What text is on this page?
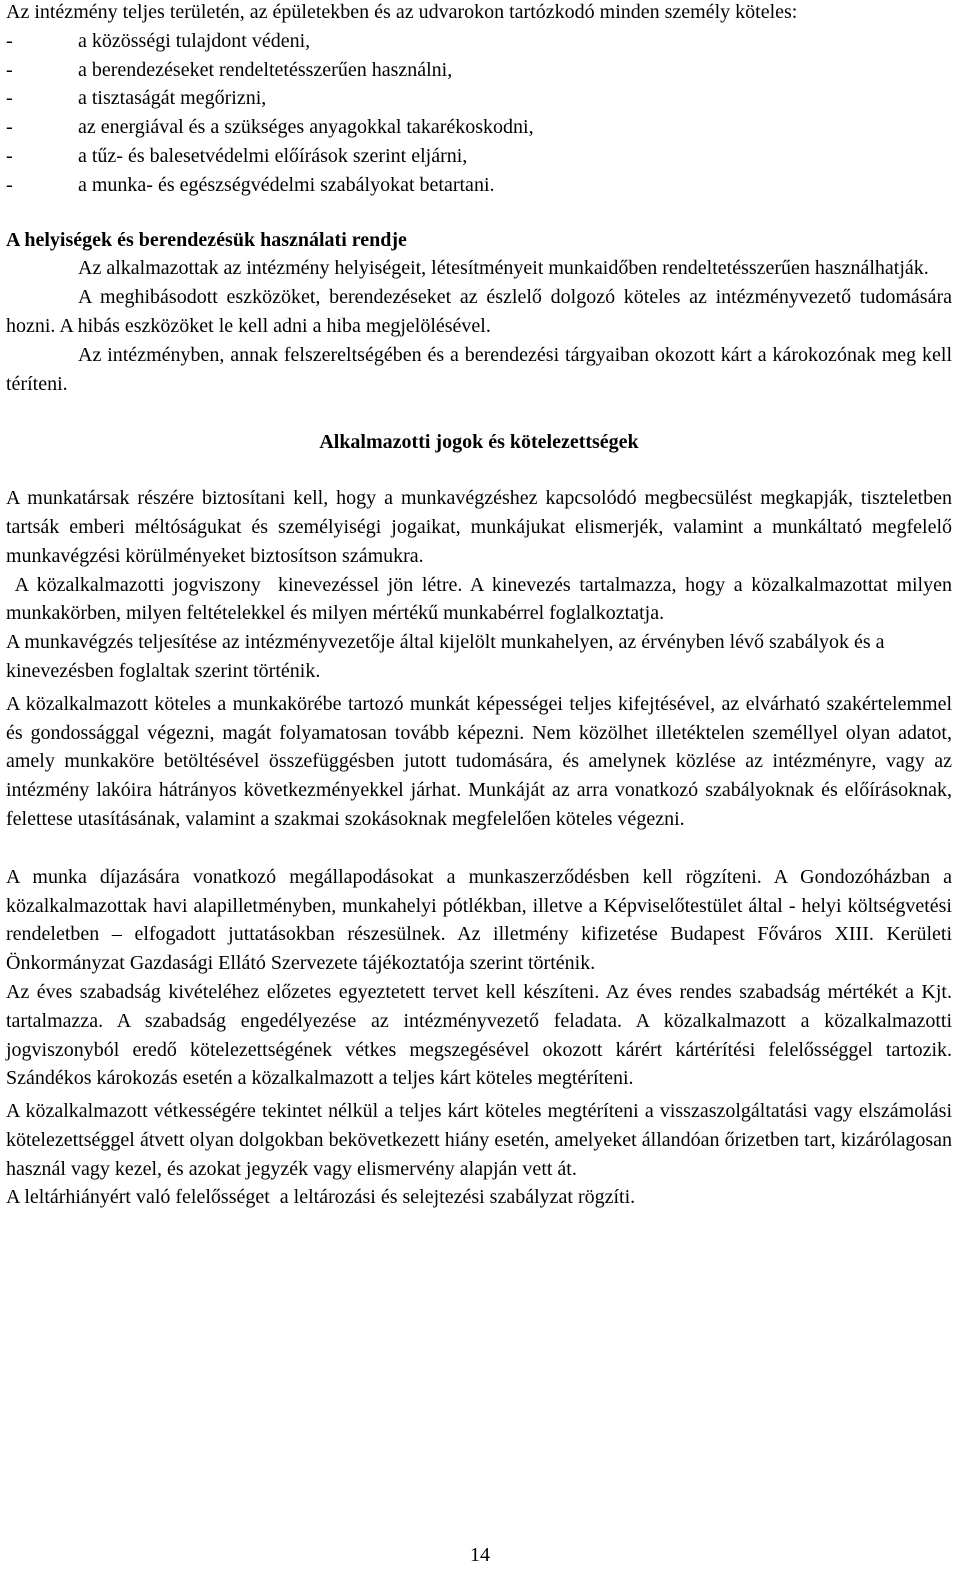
Az intézmény teljes területén, az épületekben és az udvarokon tartózkodó minden személy köteles:

-	a közösségi tulajdont védeni,
-	a berendezéseket rendeltetésszerűen használni,
-	a tisztaságát megőrizni,
-	az energiával és a szükséges anyagokkal takarékoskodni,
-	a tűz- és balesetvédelmi előírások szerint eljárni,
-	a munka- és egészségvédelmi szabályokat betartani.

A helyiségek és berendezésük használati rendje

Az alkalmazottak az intézmény helyiségeit, létesítményeit munkaidőben rendeltetésszerűen használhatják.

A meghibásodott eszközöket, berendezéseket az észlelő dolgozó köteles az intézményvezető tudomására hozni. A hibás eszközöket le kell adni a hiba megjelölésével.

Az intézményben, annak felszereltségében és a berendezési tárgyaiban okozott kárt a károkozónak meg kell téríteni.

Alkalmazotti jogok és kötelezettségek

A munkatársak részére biztosítani kell, hogy a munkavégzéshez kapcsolódó megbecsülést megkapják, tiszteletben tartsák emberi méltóságukat és személyiségi jogaikat, munkájukat elismerjék, valamint a munkáltató megfelelő munkavégzési körülményeket biztosítson számukra.

A közalkalmazotti jogviszony  kinevezéssel jön létre. A kinevezés tartalmazza, hogy a közalkalmazottat milyen munkakörben, milyen feltételekkel és milyen mértékű munkabérrel foglalkoztatja.

A munkavégzés teljesítése az intézményvezetője által kijelölt munkahelyen, az érvényben lévő szabályok és a kinevezésben foglaltak szerint történik.

A közalkalmazott köteles a munkakörébe tartozó munkát képességei teljes kifejtésével, az elvárható szakértelemmel és gondossággal végezni, magát folyamatosan tovább képezni. Nem közölhet illetéktelen személlyel olyan adatot, amely munkaköre betöltésével összefüggésben jutott tudomására, és amelynek közlése az intézményre, vagy az intézmény lakóira hátrányos következményekkel járhat. Munkáját az arra vonatkozó szabályoknak és előírásoknak, felettese utasításának, valamint a szakmai szokásoknak megfelelően köteles végezni.

A munka díjazására vonatkozó megállapodásokat a munkaszerződésben kell rögzíteni. A Gondozóházban a közalkalmazottak havi alapilletményben, munkahelyi pótlékban, illetve a Képviselőtestület által - helyi költségvetési rendeletben – elfogadott juttatásokban részesülnek. Az illetmény kifizetése Budapest Főváros XIII. Kerületi Önkormányzat Gazdasági Ellátó Szervezete tájékoztatója szerint történik.

Az éves szabadság kivételéhez előzetes egyeztetett tervet kell készíteni. Az éves rendes szabadság mértékét a Kjt. tartalmazza. A szabadság engedélyezése az intézményvezető feladata. A közalkalmazott a közalkalmazotti jogviszonyból eredő kötelezettségének vétkes megszegésével okozott kárért kártérítési felelősséggel tartozik. Szándékos károkozás esetén a közalkalmazott a teljes kárt köteles megtéríteni.

A közalkalmazott vétkességére tekintet nélkül a teljes kárt köteles megtéríteni a visszaszolgáltatási vagy elszámolási kötelezettséggel átvett olyan dolgokban bekövetkezett hiány esetén, amelyeket állandóan őrizetben tart, kizárólagosan használ vagy kezel, és azokat jegyzék vagy elismervény alapján vett át.

A leltárhiányért való felelősséget  a leltározási és selejtezési szabályzat rögzíti.

14
